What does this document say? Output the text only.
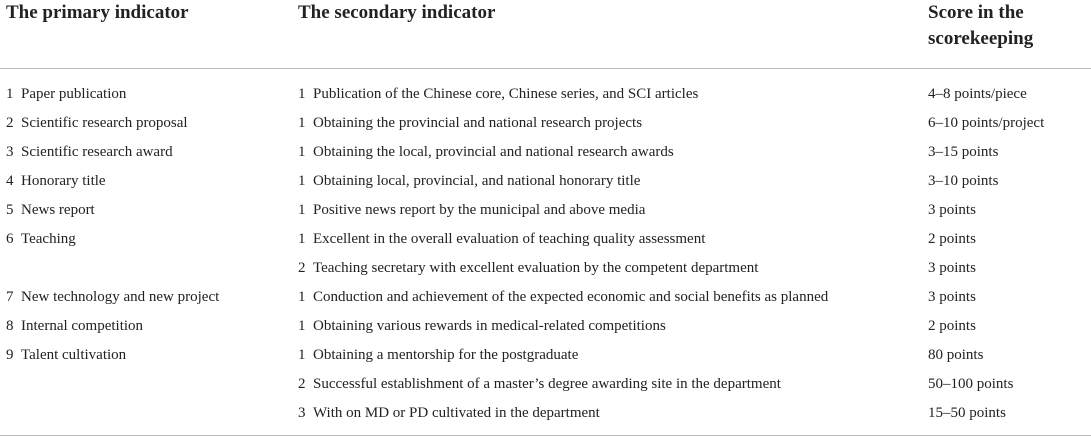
The primary indicator	The secondary indicator	Score in the
scorekeeping

1 Paper publication	1 Publication of the Chinese core, Chinese series, and SCI articles	4–8 points/piece
2 Scientific research proposal	1 Obtaining the provincial and national research projects	6–10 points/project
3 Scientific research award	1 Obtaining the local, provincial and national research awards	3–15 points
4 Honorary title	1 Obtaining local, provincial, and national honorary title	3–10 points
5 News report	1 Positive news report by the municipal and above media	3 points
6 Teaching	1 Excellent in the overall evaluation of teaching quality assessment	2 points
	2 Teaching secretary with excellent evaluation by the competent department	3 points
7 New technology and new project	1 Conduction and achievement of the expected economic and social benefits as planned	3 points
8 Internal competition	1 Obtaining various rewards in medical-related competitions	2 points
9 Talent cultivation	1 Obtaining a mentorship for the postgraduate	80 points
	2 Successful establishment of a master’s degree awarding site in the department	50–100 points
	3 With on MD or PD cultivated in the department	15–50 points
